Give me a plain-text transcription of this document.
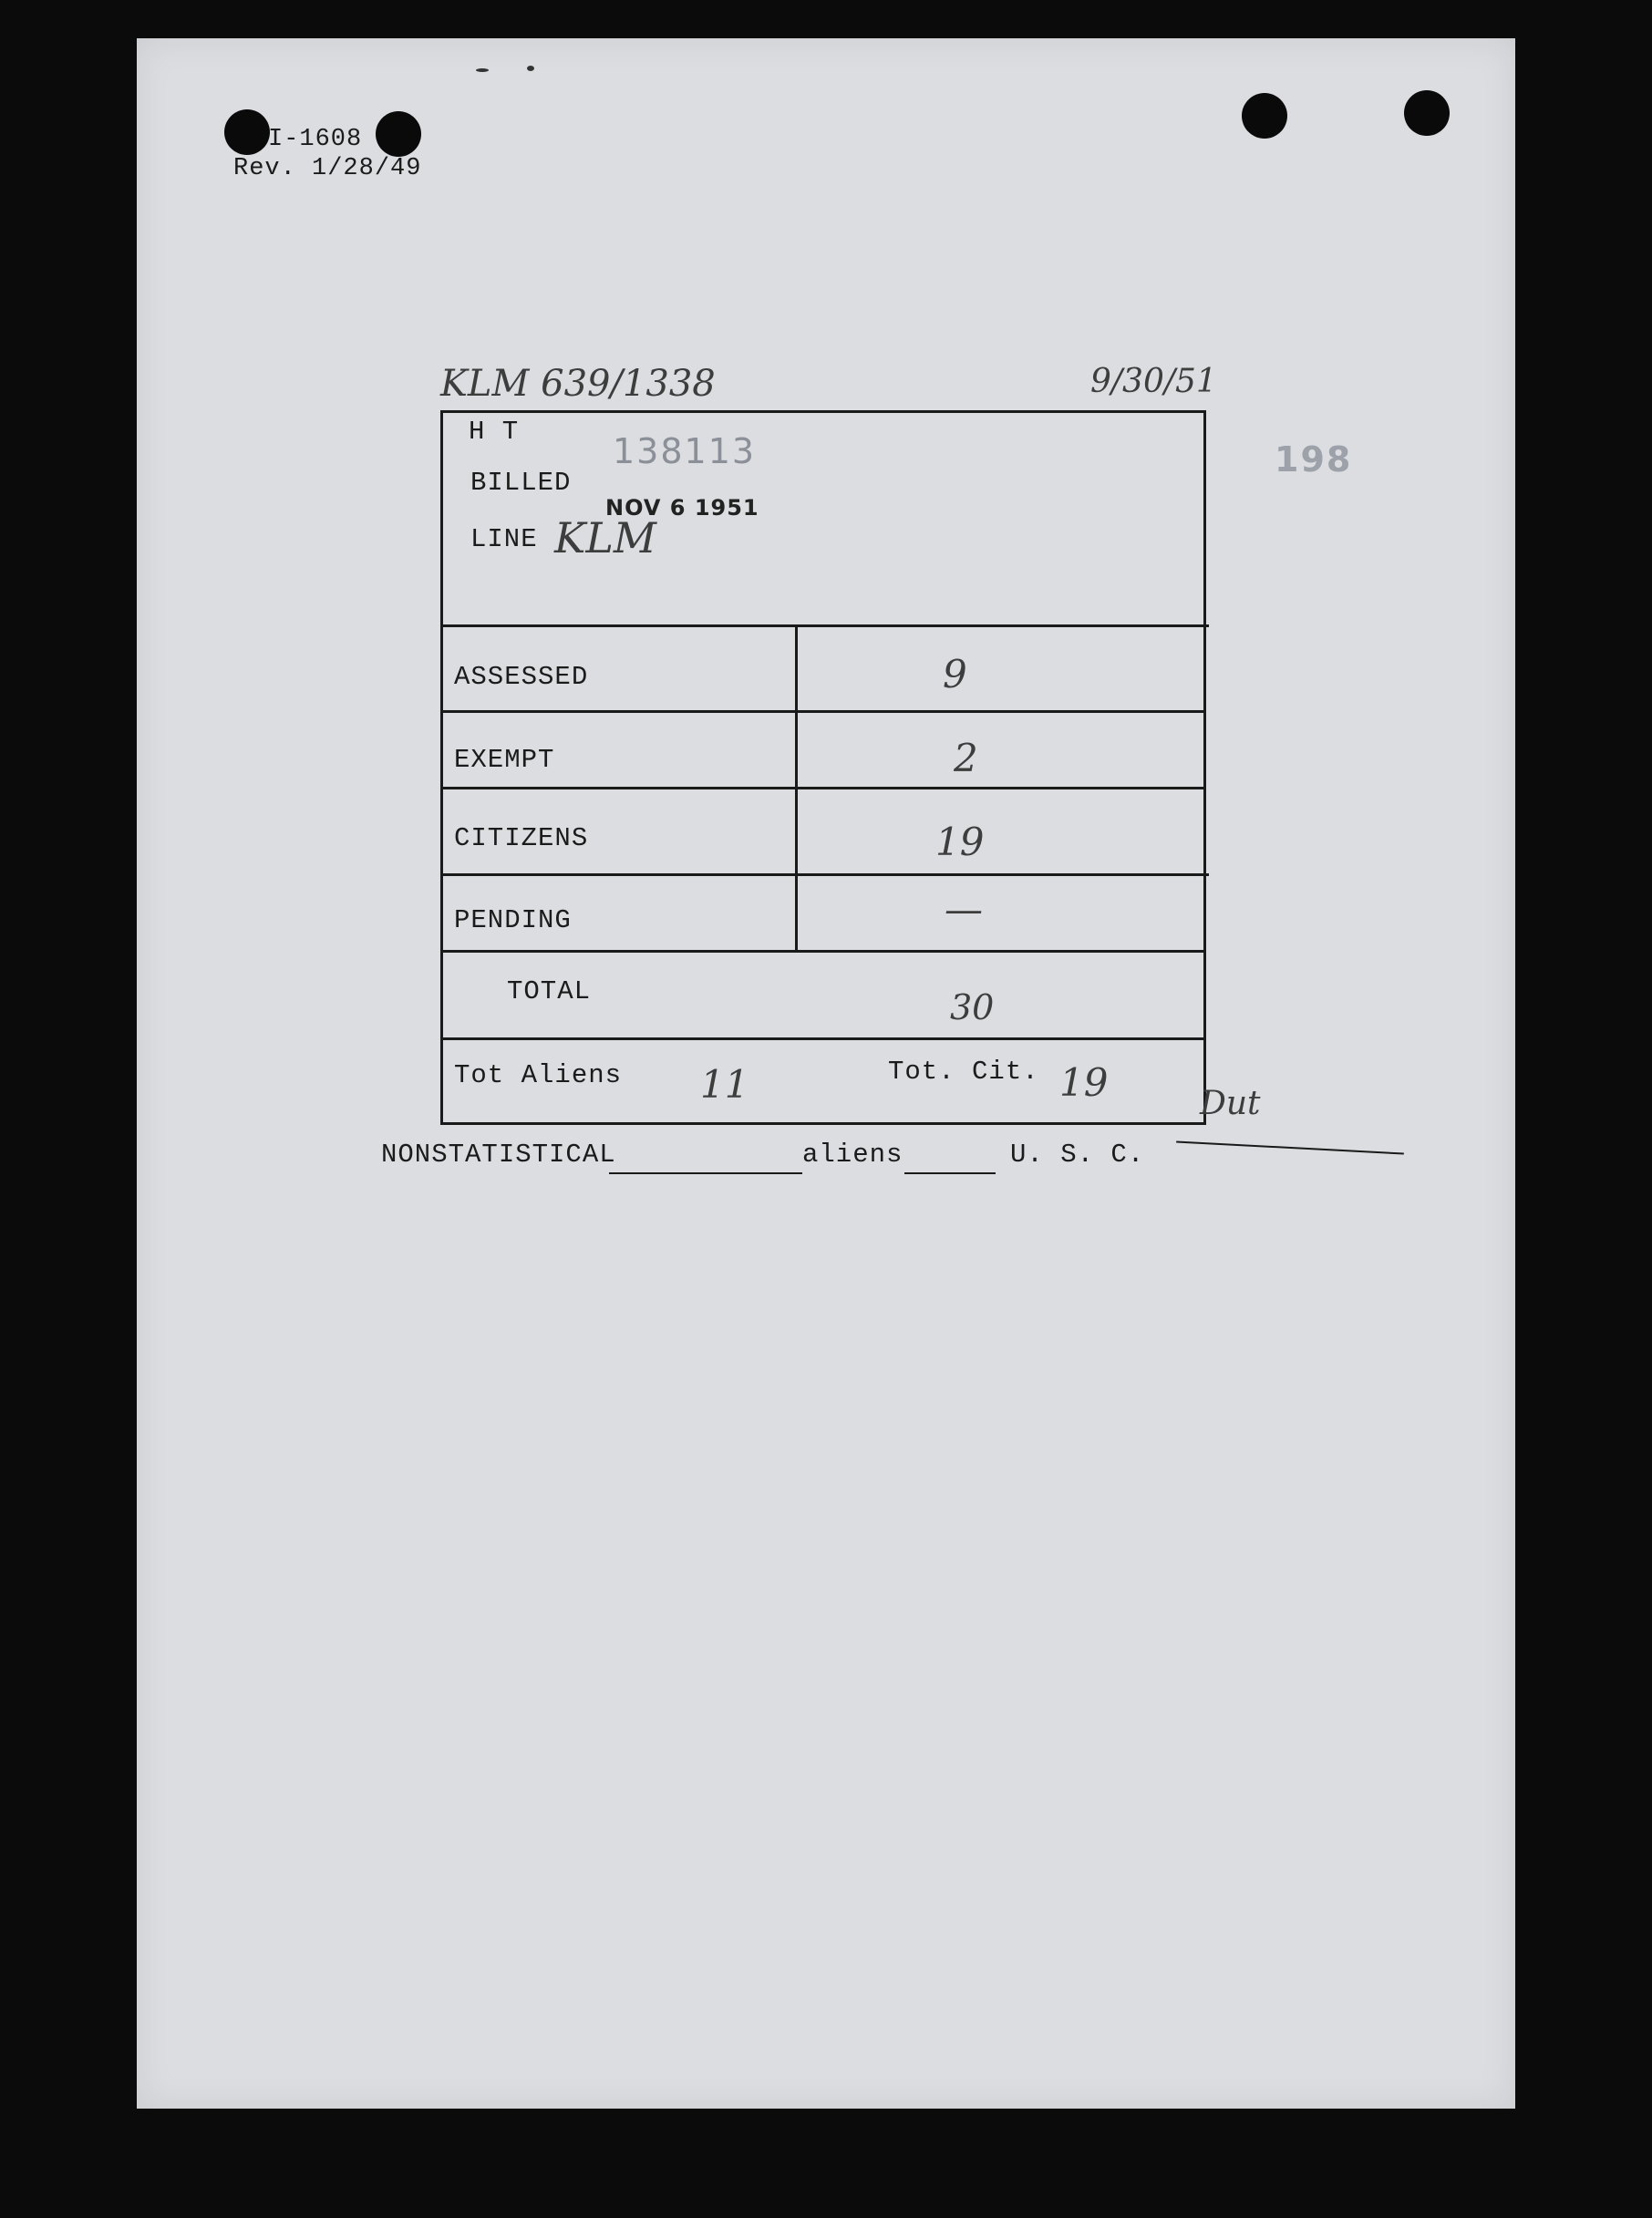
I-1608
Rev. 1/28/49
198
KLM 639/1338	9/30/51
H T	138113
BILLED
NOV 6 1951
LINE KLM
ASSESSED	9
EXEMPT	2
CITIZENS	19
PENDING	—
TOTAL	30
Tot Aliens 11	Tot. Cit. 19	Dut
NONSTATISTICAL	aliens	U. S. C.
